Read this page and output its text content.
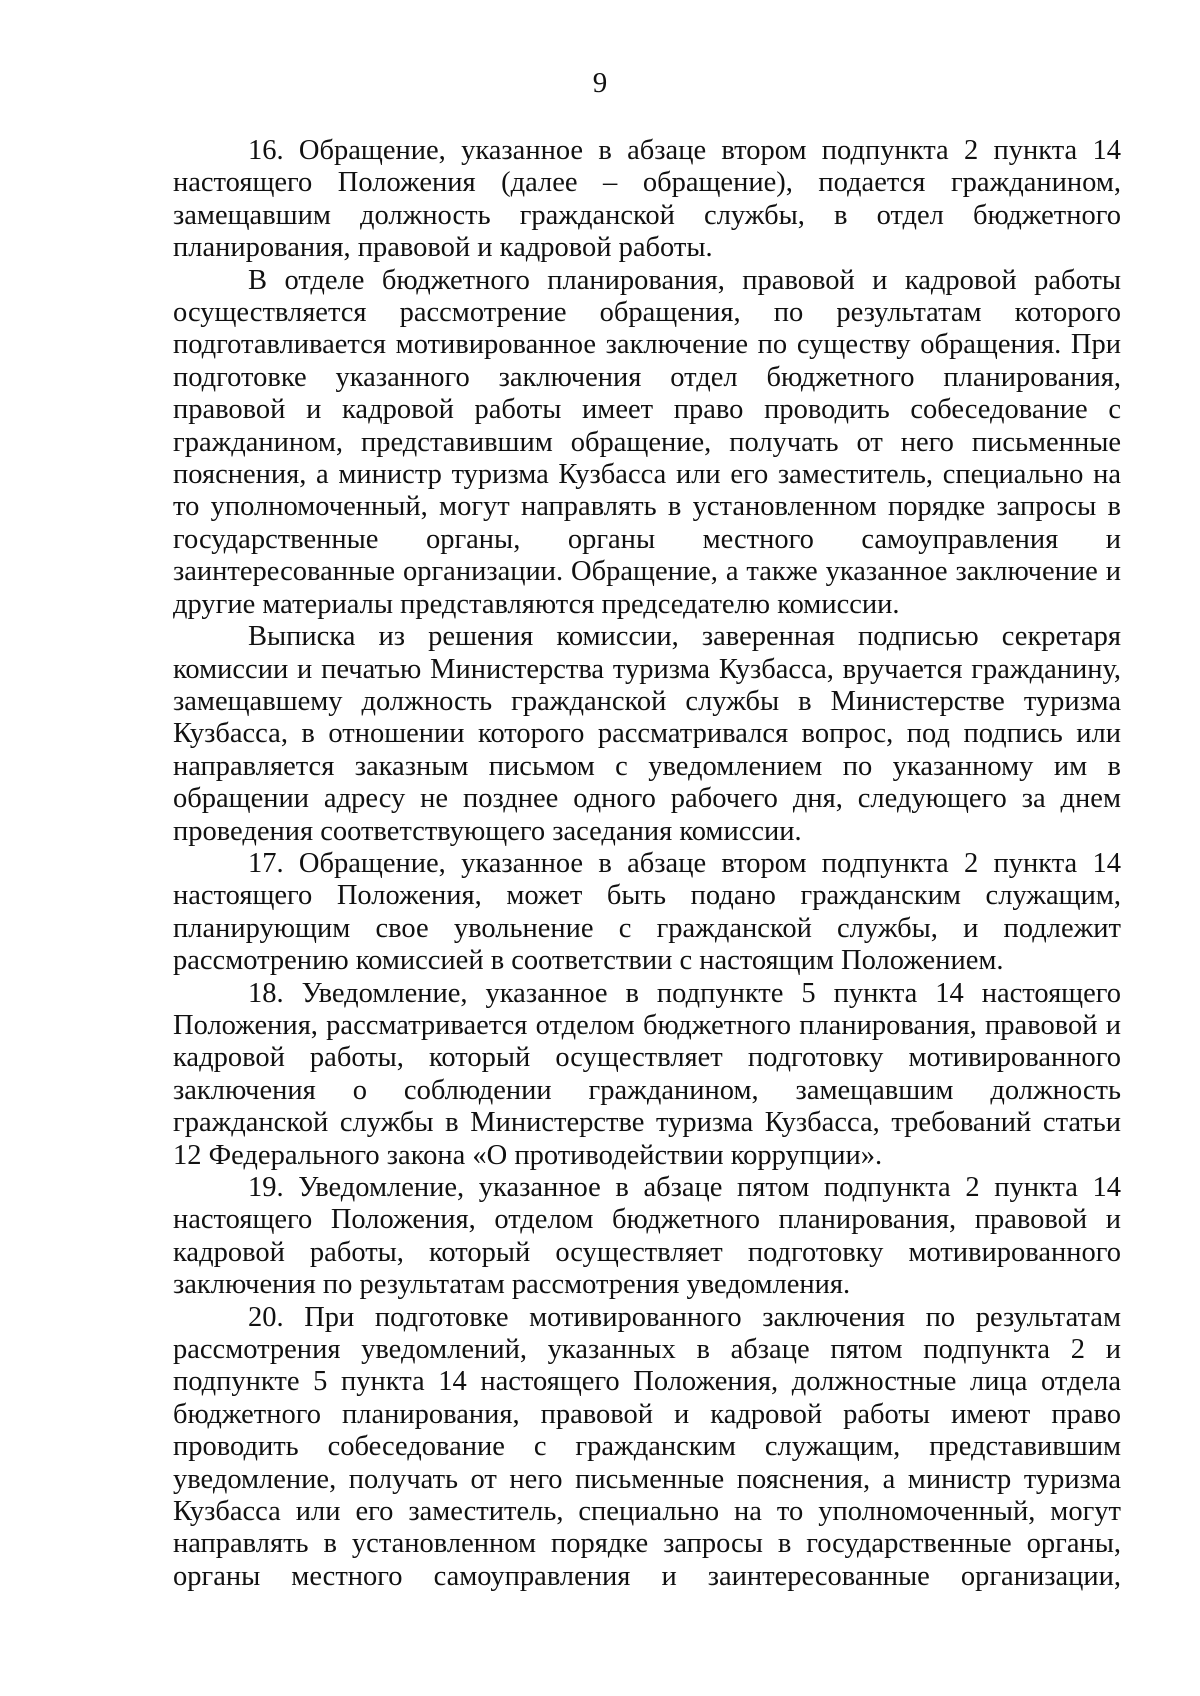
9

16. Обращение, указанное в абзаце втором подпункта 2 пункта 14 настоящего Положения (далее – обращение), подается гражданином, замещавшим должность гражданской службы, в отдел бюджетного планирования, правовой и кадровой работы.

В отделе бюджетного планирования, правовой и кадровой работы осуществляется рассмотрение обращения, по результатам которого подготавливается мотивированное заключение по существу обращения. При подготовке указанного заключения отдел бюджетного планирования, правовой и кадровой работы имеет право проводить собеседование с гражданином, представившим обращение, получать от него письменные пояснения, а министр туризма Кузбасса или его заместитель, специально на то уполномоченный, могут направлять в установленном порядке запросы в государственные органы, органы местного самоуправления и заинтересованные организации. Обращение, а также указанное заключение и другие материалы представляются председателю комиссии.

Выписка из решения комиссии, заверенная подписью секретаря комиссии и печатью Министерства туризма Кузбасса, вручается гражданину, замещавшему должность гражданской службы в Министерстве туризма Кузбасса, в отношении которого рассматривался вопрос, под подпись или направляется заказным письмом с уведомлением по указанному им в обращении адресу не позднее одного рабочего дня, следующего за днем проведения соответствующего заседания комиссии.

17. Обращение, указанное в абзаце втором подпункта 2 пункта 14 настоящего Положения, может быть подано гражданским служащим, планирующим свое увольнение с гражданской службы, и подлежит рассмотрению комиссией в соответствии с настоящим Положением.

18. Уведомление, указанное в подпункте 5 пункта 14 настоящего Положения, рассматривается отделом бюджетного планирования, правовой и кадровой работы, который осуществляет подготовку мотивированного заключения о соблюдении гражданином, замещавшим должность гражданской службы в Министерстве туризма Кузбасса, требований статьи 12 Федерального закона «О противодействии коррупции».

19. Уведомление, указанное в абзаце пятом подпункта 2 пункта 14 настоящего Положения, отделом бюджетного планирования, правовой и кадровой работы, который осуществляет подготовку мотивированного заключения по результатам рассмотрения уведомления.

20. При подготовке мотивированного заключения по результатам рассмотрения уведомлений, указанных в абзаце пятом подпункта 2 и подпункте 5 пункта 14 настоящего Положения, должностные лица отдела бюджетного планирования, правовой и кадровой работы имеют право проводить собеседование с гражданским служащим, представившим уведомление, получать от него письменные пояснения, а министр туризма Кузбасса или его заместитель, специально на то уполномоченный, могут направлять в установленном порядке запросы в государственные органы, органы местного самоуправления и заинтересованные организации,
